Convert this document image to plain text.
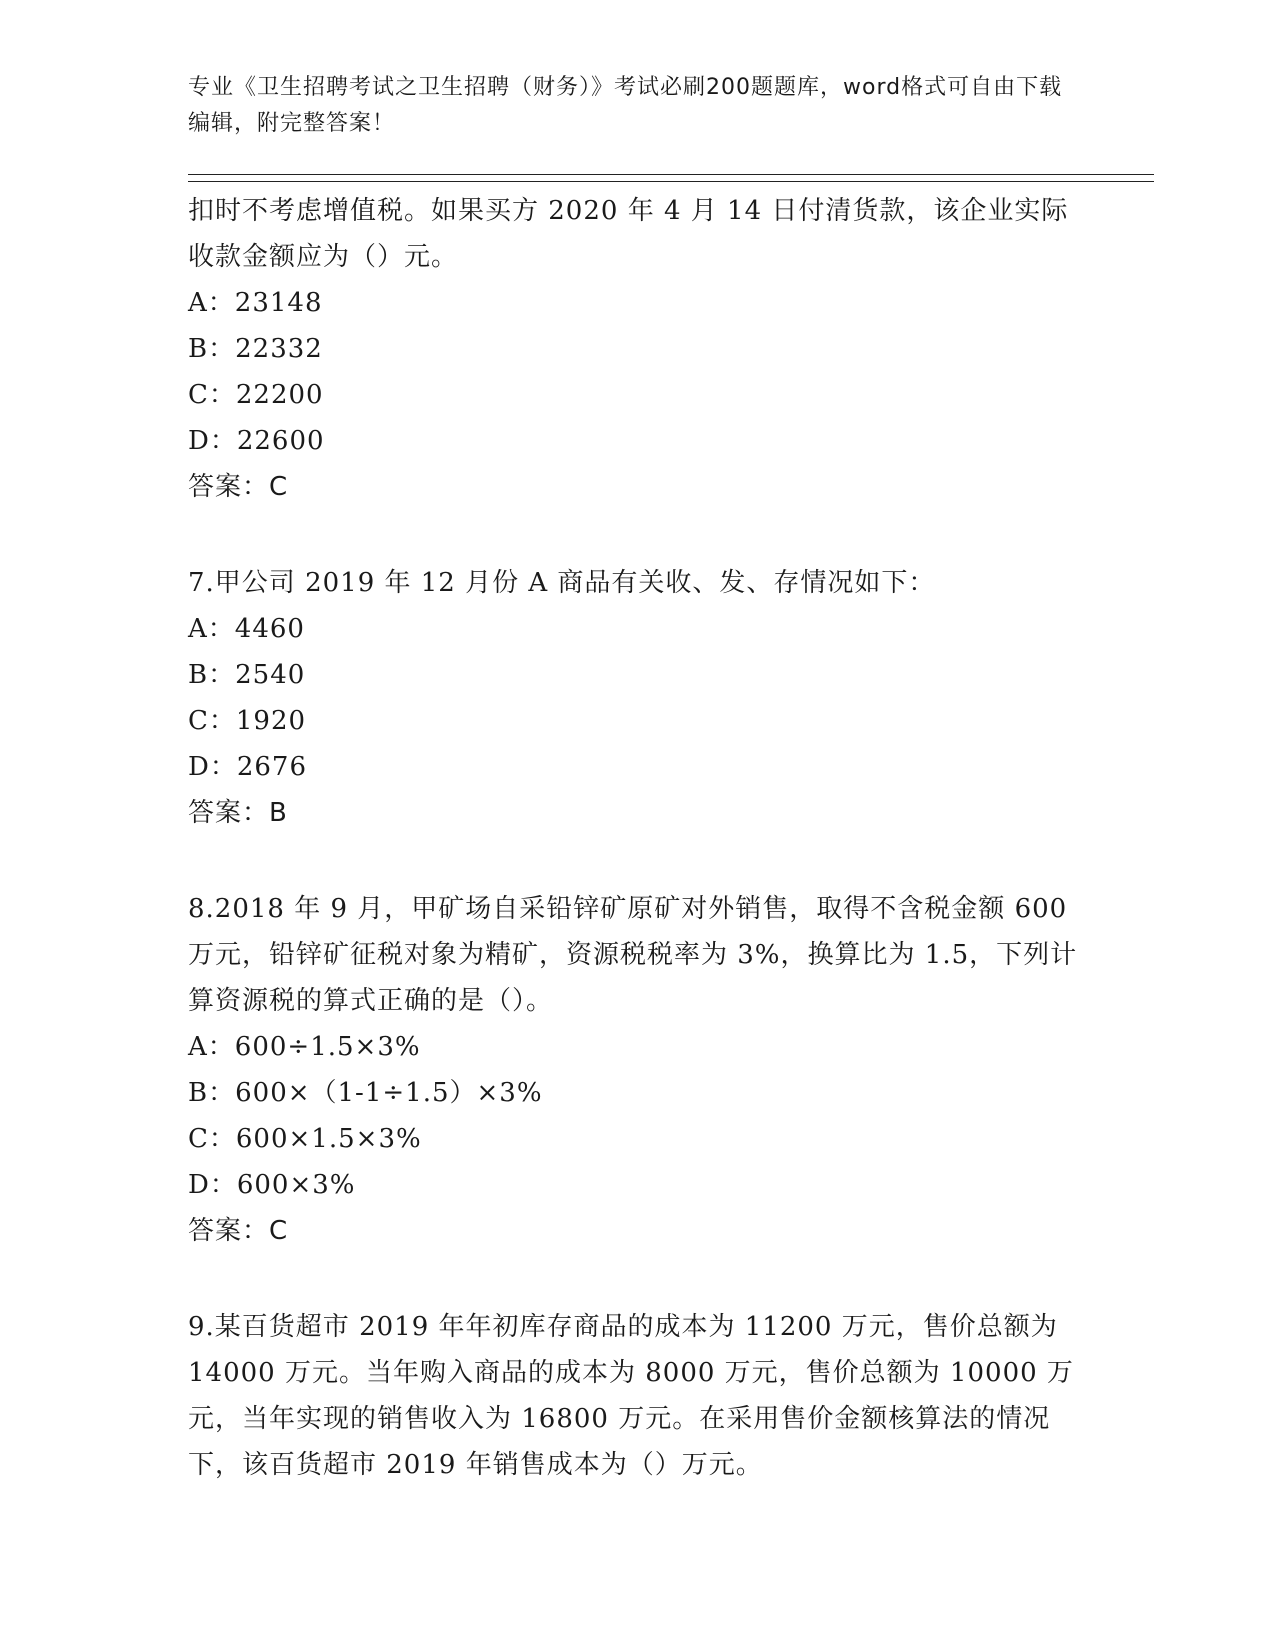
专业《卫生招聘考试之卫生招聘（财务）》考试必刷200题题库，word格式可自由下载编辑，附完整答案！
扣时不考虑增值税。如果买方 2020 年 4 月 14 日付清货款，该企业实际收款金额应为（）元。
A：23148
B：22332
C：22200
D：22600
答案：C
7.甲公司 2019 年 12 月份 A 商品有关收、发、存情况如下：
A：4460
B：2540
C：1920
D：2676
答案：B
8.2018 年 9 月，甲矿场自采铅锌矿原矿对外销售，取得不含税金额 600 万元，铅锌矿征税对象为精矿，资源税税率为 3%，换算比为 1.5，下列计算资源税的算式正确的是（）。
A：600÷1.5×3%
B：600×（1-1÷1.5）×3%
C：600×1.5×3%
D：600×3%
答案：C
9.某百货超市 2019 年年初库存商品的成本为 11200 万元，售价总额为 14000 万元。当年购入商品的成本为 8000 万元，售价总额为 10000 万元，当年实现的销售收入为 16800 万元。在采用售价金额核算法的情况下，该百货超市 2019 年销售成本为（）万元。
